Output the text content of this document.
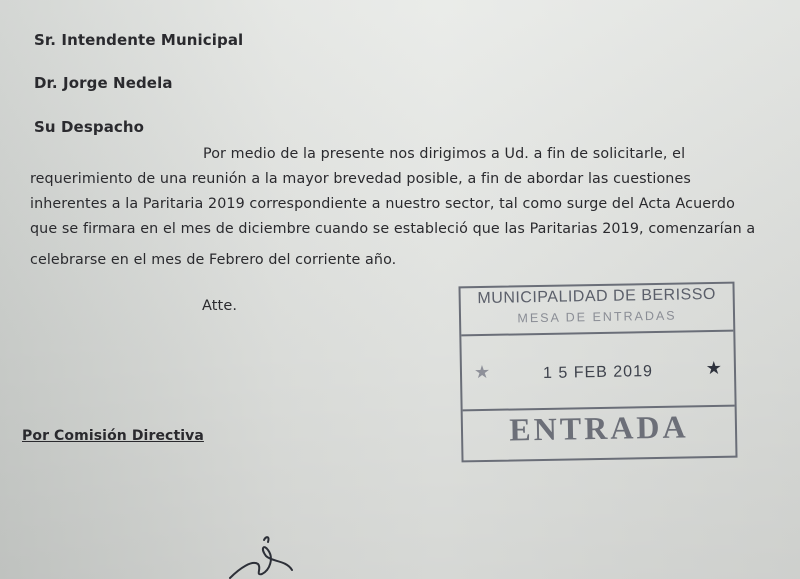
Sr. Intendente Municipal
Dr. Jorge Nedela
Su Despacho
Por medio de la presente nos dirigimos a Ud. a fin de solicitarle, el
requerimiento de una reunión a la mayor brevedad posible, a fin de abordar las cuestiones
inherentes a la Paritaria 2019 correspondiente a nuestro sector, tal como surge del Acta Acuerdo
que se firmara en el mes de diciembre cuando se estableció que las Paritarias 2019, comenzarían a
celebrarse en el mes de Febrero del corriente año.
Atte.
Por Comisión Directiva
MUNICIPALIDAD DE BERISSO
MESA DE ENTRADAS
★	1 5 FEB 2019	★
ENTRADA
